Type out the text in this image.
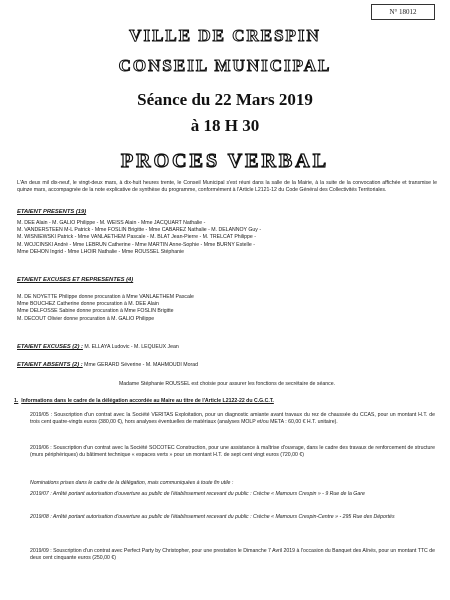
N° 18012
VILLE DE CRESPIN
CONSEIL MUNICIPAL
Séance du 22 Mars 2019
à 18 H 30
PROCES VERBAL
L'An deux mil dix-neuf, le vingt-deux mars, à dix-huit heures trente, le Conseil Municipal s'est réuni dans la salle de la Mairie, à la suite de la convocation affichée et transmise le quinze mars, accompagnée de la note explicative de synthèse du programme, conformément à l'Article L2121-12 du Code Général des Collectivités Territoriales.
ETAIENT PRESENTS (19)
M. DEE Alain - M. GALIO Philippe - M. WEISS Alain - Mme JACQUART Nathalie -
M. VANDERSTEEN M-L Patrick - Mme FOSLIN Brigitte - Mme CABAREZ Nathalie - M. DELANNOY Guy -
M. WISNIEWSKI Patrick - Mme VANLAETHEM Pascale - M. BLAT Jean-Pierre - M. TRELCAT Philippe -
M. WOJCINSKI André - Mme LEBRUN Catherine - Mme MARTIN Anne-Sophie - Mme BURNY Estelle -
Mme DEHON Ingrid - Mme LHOIR Nathalie - Mme ROUSSEL Stéphanie
ETAIENT EXCUSES ET REPRESENTES (4)
M. DE NOYETTE Philippe donne procuration à Mme VANLAETHEM Pascale
Mme BOUCHEZ Catherine donne procuration à M. DEE Alain
Mme DELFOSSE Sabine donne procuration à Mme FOSLIN Brigitte
M. DECOUT Olivier donne procuration à M. GALIO Philippe
ETAIENT EXCUSES (2) : M. ELLAYA Ludovic - M. LEQUEUX Jean
ETAIENT ABSENTS (2) : Mme GERARD Séverine - M. MAHMOUDI Morad
Madame Stéphanie ROUSSEL est choisie pour assurer les fonctions de secrétaire de séance.
1. Informations dans le cadre de la délégation accordée au Maire au titre de l'Article L2122-22 du C.G.C.T.
2019/05 : Souscription d'un contrat avec la Société VERITAS Exploitation, pour un diagnostic amiante avant travaux du rez de chaussée du CCAS, pour un montant H.T. de trois cent quatre-vingts euros (380,00 €), hors analyses éventuelles de matériaux (analyses MOLP et/ou META : 60,00 € H.T. unitaire).
2019/06 : Souscription d'un contrat avec la Société SOCOTEC Construction, pour une assistance à maîtrise d'ouvrage, dans le cadre des travaux de renforcement de structure (murs périphériques) du bâtiment technique « espaces verts » pour un montant H.T. de sept cent vingt euros (720,00 €)
Nominations prises dans le cadre de la délégation, mais communiquées à toute fin utile :
2019/07 : Arrêté portant autorisation d'ouverture au public de l'établissement recevant du public : Crèche « Mamours Crespin » - 9 Rue de la Gare
2019/08 : Arrêté portant autorisation d'ouverture au public de l'établissement recevant du public : Crèche « Mamours Crespin-Centre » - 295 Rue des Déportés
2019/09 : Souscription d'un contrat avec Perfect Party by Christopher, pour une prestation le Dimanche 7 Avril 2019 à l'occasion du Banquet des Aînés, pour un montant TTC de deux cent cinquante euros (250,00 €)
